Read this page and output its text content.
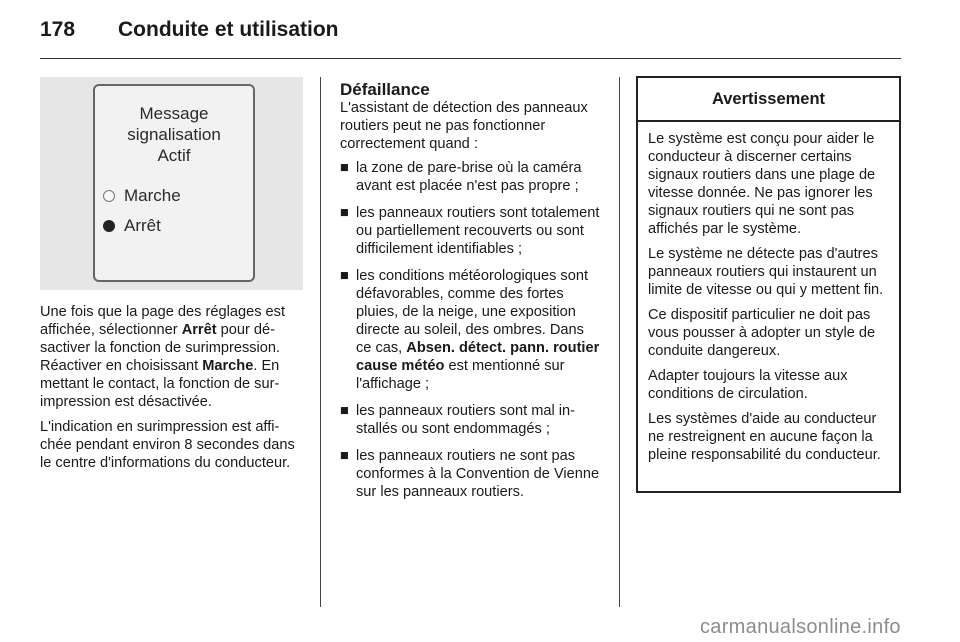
178 Conduite et utilisation
Message
signalisation
Actif
Marche
Arrêt

Une fois que la page des réglages est affichée, sélectionner Arrêt pour désactiver la fonction de surimpression. Réactiver en choisissant Marche. En mettant le contact, la fonction de surimpression est désactivée.

L'indication en surimpression est affichée pendant environ 8 secondes dans le centre d'informations du conducteur.

Défaillance

L'assistant de détection des panneaux routiers peut ne pas fonctionner correctement quand :

■ la zone de pare-brise où la caméra avant est placée n'est pas propre ;
■ les panneaux routiers sont totalement ou partiellement recouverts ou sont difficilement identifiables ;
■ les conditions météorologiques sont défavorables, comme des fortes pluies, de la neige, une exposition directe au soleil, des ombres. Dans ce cas, Absen. détect. pann. routier cause météo est mentionné sur l'affichage ;
■ les panneaux routiers sont mal installés ou sont endommagés ;
■ les panneaux routiers ne sont pas conformes à la Convention de Vienne sur les panneaux routiers.
Avertissement

Le système est conçu pour aider le conducteur à discerner certains signaux routiers dans une plage de vitesse donnée. Ne pas ignorer les signaux routiers qui ne sont pas affichés par le système.

Le système ne détecte pas d'autres panneaux routiers qui instaurent un limite de vitesse ou qui y mettent fin.

Ce dispositif particulier ne doit pas vous pousser à adopter un style de conduite dangereux.

Adapter toujours la vitesse aux conditions de circulation.

Les systèmes d'aide au conducteur ne restreignent en aucune façon la pleine responsabilité du conducteur.

carmanualsonline.info
